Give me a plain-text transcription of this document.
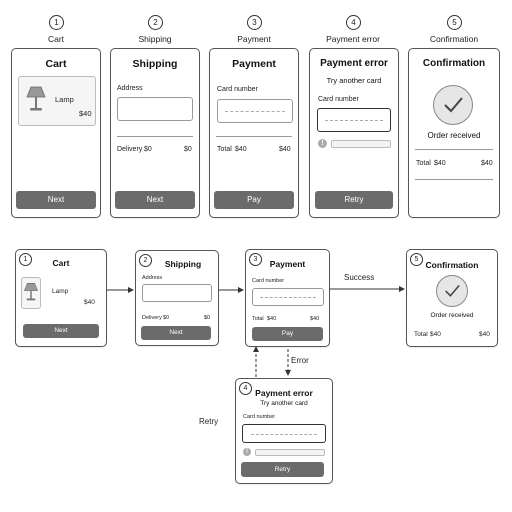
1
Cart
2
Shipping
3
Payment
4
Payment error
5
Confirmation
Cart
Lamp
$40
Next
Shipping
Address
Delivery $0	$0
Next
Payment
Card number
Total $40	$40
Pay
Payment error
Try another card
Card number
!
Retry
Confirmation
Order received
Total $40	$40
Success
Error
Retry
1	Cart
Lamp
$40
Next
2	Shipping
Address
Delivery $0	$0
Next
3	Payment
Card number
Total $40	$40
Pay
5
Confirmation
Order received
Total $40	$40
4 Payment error
Try another card
Card number
!
Retry
